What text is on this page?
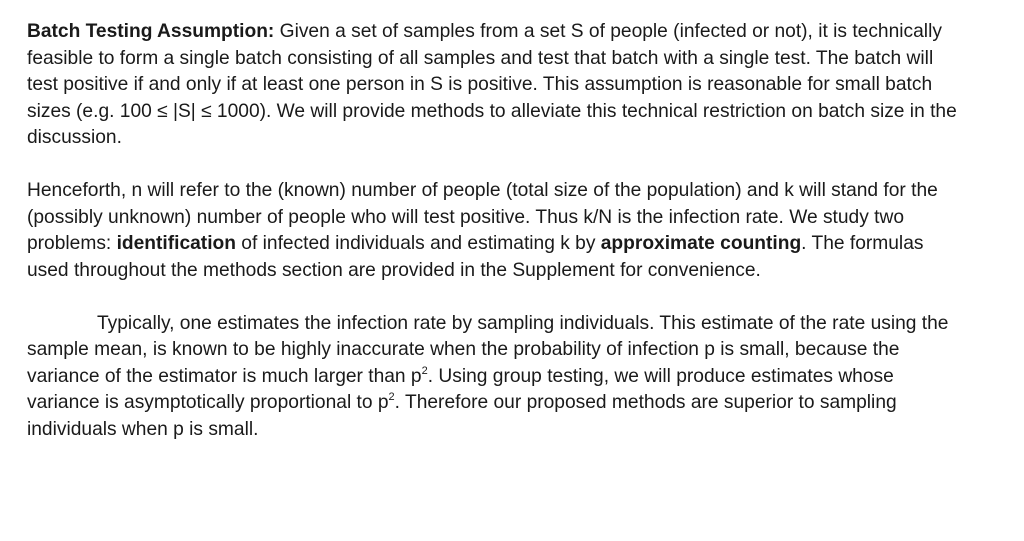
Batch Testing Assumption: Given a set of samples from a set S of people (infected or not), it is technically feasible to form a single batch consisting of all samples and test that batch with a single test. The batch will test positive if and only if at least one person in S is positive. This assumption is reasonable for small batch sizes (e.g. 100 ≤ |S| ≤ 1000). We will provide methods to alleviate this technical restriction on batch size in the discussion.

Henceforth, n will refer to the (known) number of people (total size of the population) and k will stand for the (possibly unknown) number of people who will test positive. Thus k/N is the infection rate. We study two problems: identification of infected individuals and estimating k by approximate counting. The formulas used throughout the methods section are provided in the Supplement for convenience.

Typically, one estimates the infection rate by sampling individuals. This estimate of the rate using the sample mean, is known to be highly inaccurate when the probability of infection p is small, because the variance of the estimator is much larger than $p^2$. Using group testing, we will produce estimates whose variance is asymptotically proportional to $p^2$. Therefore our proposed methods are superior to sampling individuals when p is small.
